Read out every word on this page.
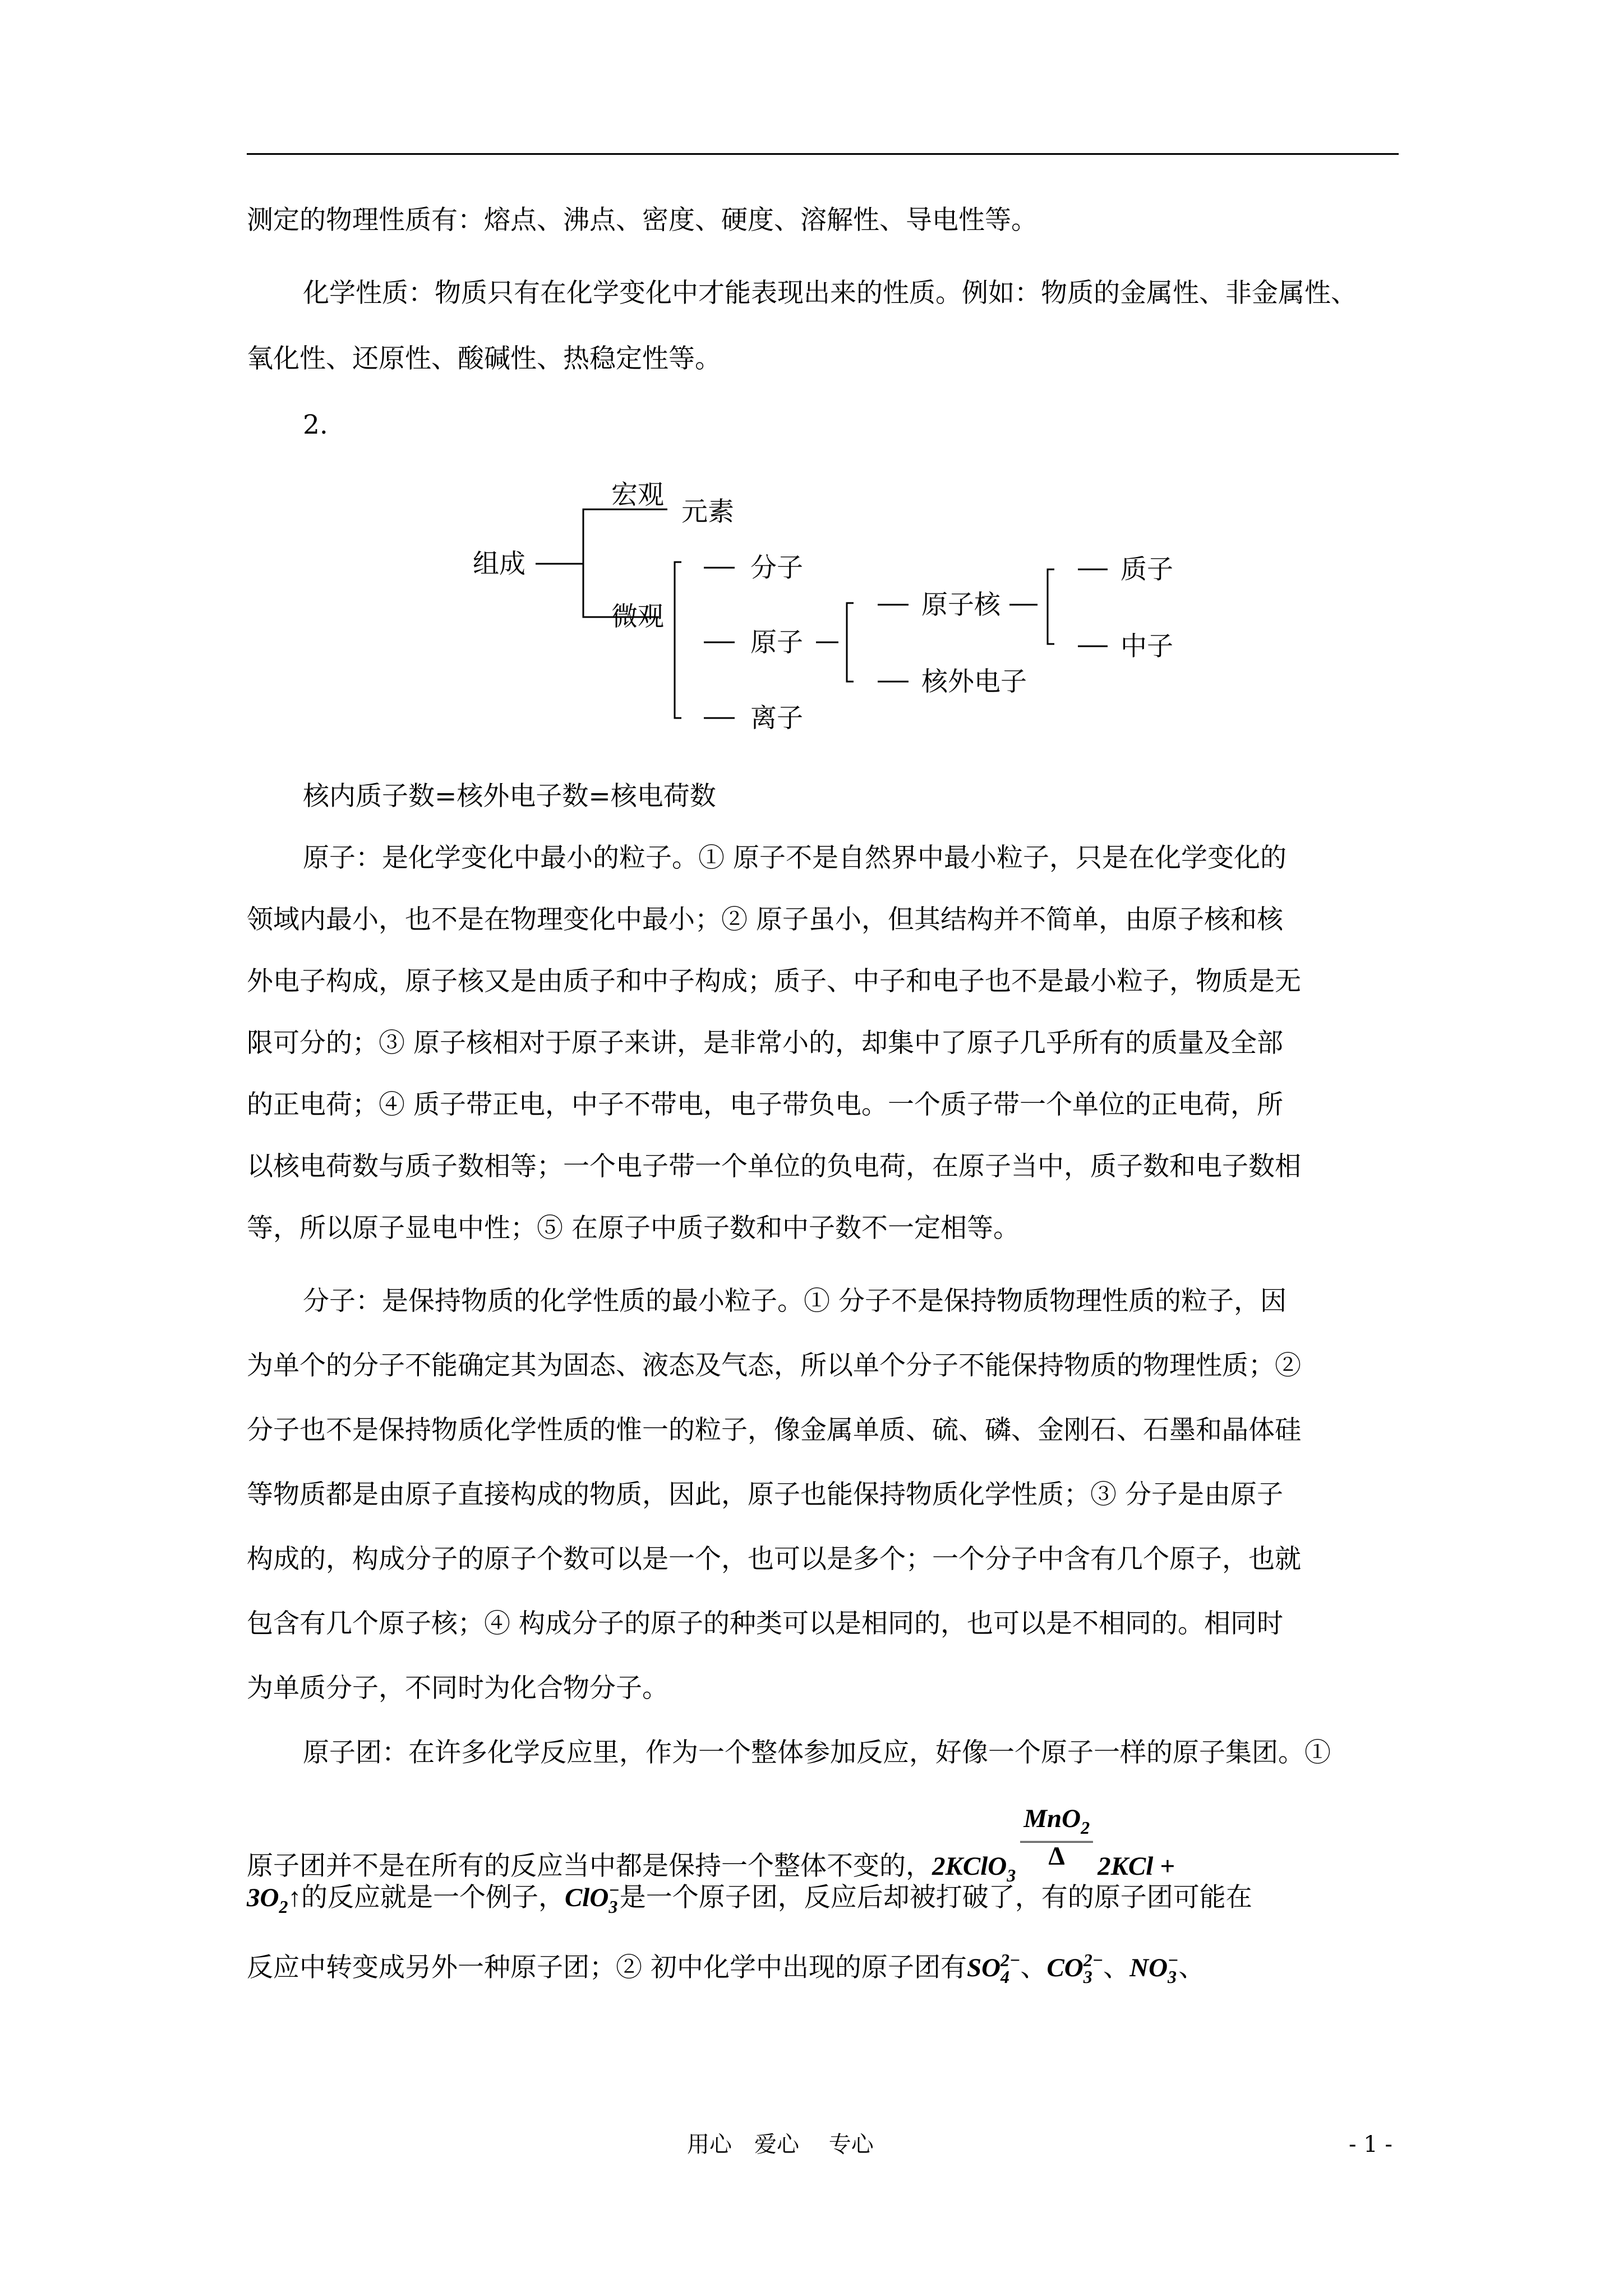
测定的物理性质有：熔点、沸点、密度、硬度、溶解性、导电性等。
化学性质：物质只有在化学变化中才能表现出来的性质。例如：物质的金属性、非金属性、
氧化性、还原性、酸碱性、热稳定性等。
2.
组成
宏观
元素
微观
分子
原子
离子
原子核
核外电子
质子
中子
核内质子数=核外电子数=核电荷数
原子：是化学变化中最小的粒子。① 原子不是自然界中最小粒子，只是在化学变化的
领域内最小，也不是在物理变化中最小；② 原子虽小，但其结构并不简单，由原子核和核
外电子构成，原子核又是由质子和中子构成；质子、中子和电子也不是最小粒子，物质是无
限可分的；③ 原子核相对于原子来讲，是非常小的，却集中了原子几乎所有的质量及全部
的正电荷；④ 质子带正电，中子不带电，电子带负电。一个质子带一个单位的正电荷，所
以核电荷数与质子数相等；一个电子带一个单位的负电荷，在原子当中，质子数和电子数相
等，所以原子显电中性；⑤ 在原子中质子数和中子数不一定相等。
分子：是保持物质的化学性质的最小粒子。① 分子不是保持物质物理性质的粒子，因
为单个的分子不能确定其为固态、液态及气态，所以单个分子不能保持物质的物理性质；②
分子也不是保持物质化学性质的惟一的粒子，像金属单质、硫、磷、金刚石、石墨和晶体硅
等物质都是由原子直接构成的物质，因此，原子也能保持物质化学性质；③ 分子是由原子
构成的，构成分子的原子个数可以是一个，也可以是多个；一个分子中含有几个原子，也就
包含有几个原子核；④ 构成分子的原子的种类可以是相同的，也可以是不相同的。相同时
为单质分子，不同时为化合物分子。
原子团：在许多化学反应里，作为一个整体参加反应，好像一个原子一样的原子集团。①
原子团并不是在所有的反应当中都是保持一个整体不变的，2KClO$_3$
$\frac{MnO_2}{\Delta} 2KCl$ +
$3O_2↑$的反应就是一个例子，ClO −
3 是一个原子团，反应后却被打破了，有的原子团可能在
反应中转变成另外一种原子团；② 初中化学中出现的原子团有SO 2−
4 、CO 2−
3 、NO −
3 、
用心　爱心　 专心	- 1 -
